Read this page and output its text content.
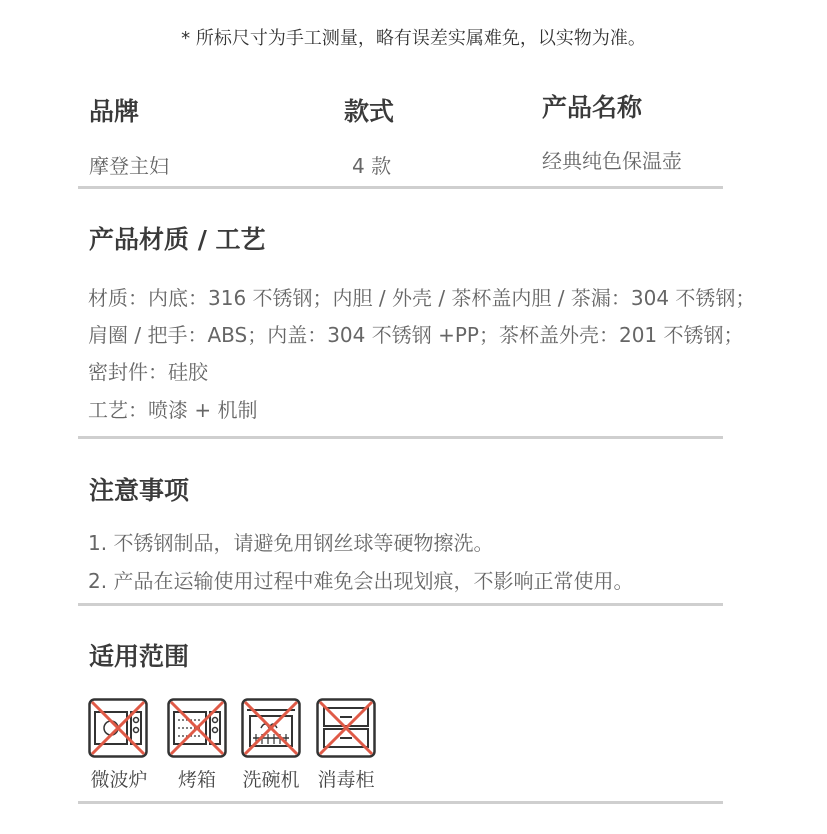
* 所标尺寸为手工测量，略有误差实属难免，以实物为准。
品牌
摩登主妇
款式
4 款
产品名称
经典纯色保温壶
产品材质 / 工艺
材质：内底：316 不锈钢；内胆 / 外壳 / 茶杯盖内胆 / 茶漏：304 不锈钢；
肩圈 / 把手：ABS；内盖：304 不锈钢 +PP；茶杯盖外壳：201 不锈钢；
密封件：硅胶
工艺：喷漆 + 机制
注意事项
1. 不锈钢制品，请避免用钢丝球等硬物擦洗。
2. 产品在运输使用过程中难免会出现划痕，不影响正常使用。
适用范围
微波炉	烤箱	洗碗机 消毒柜
